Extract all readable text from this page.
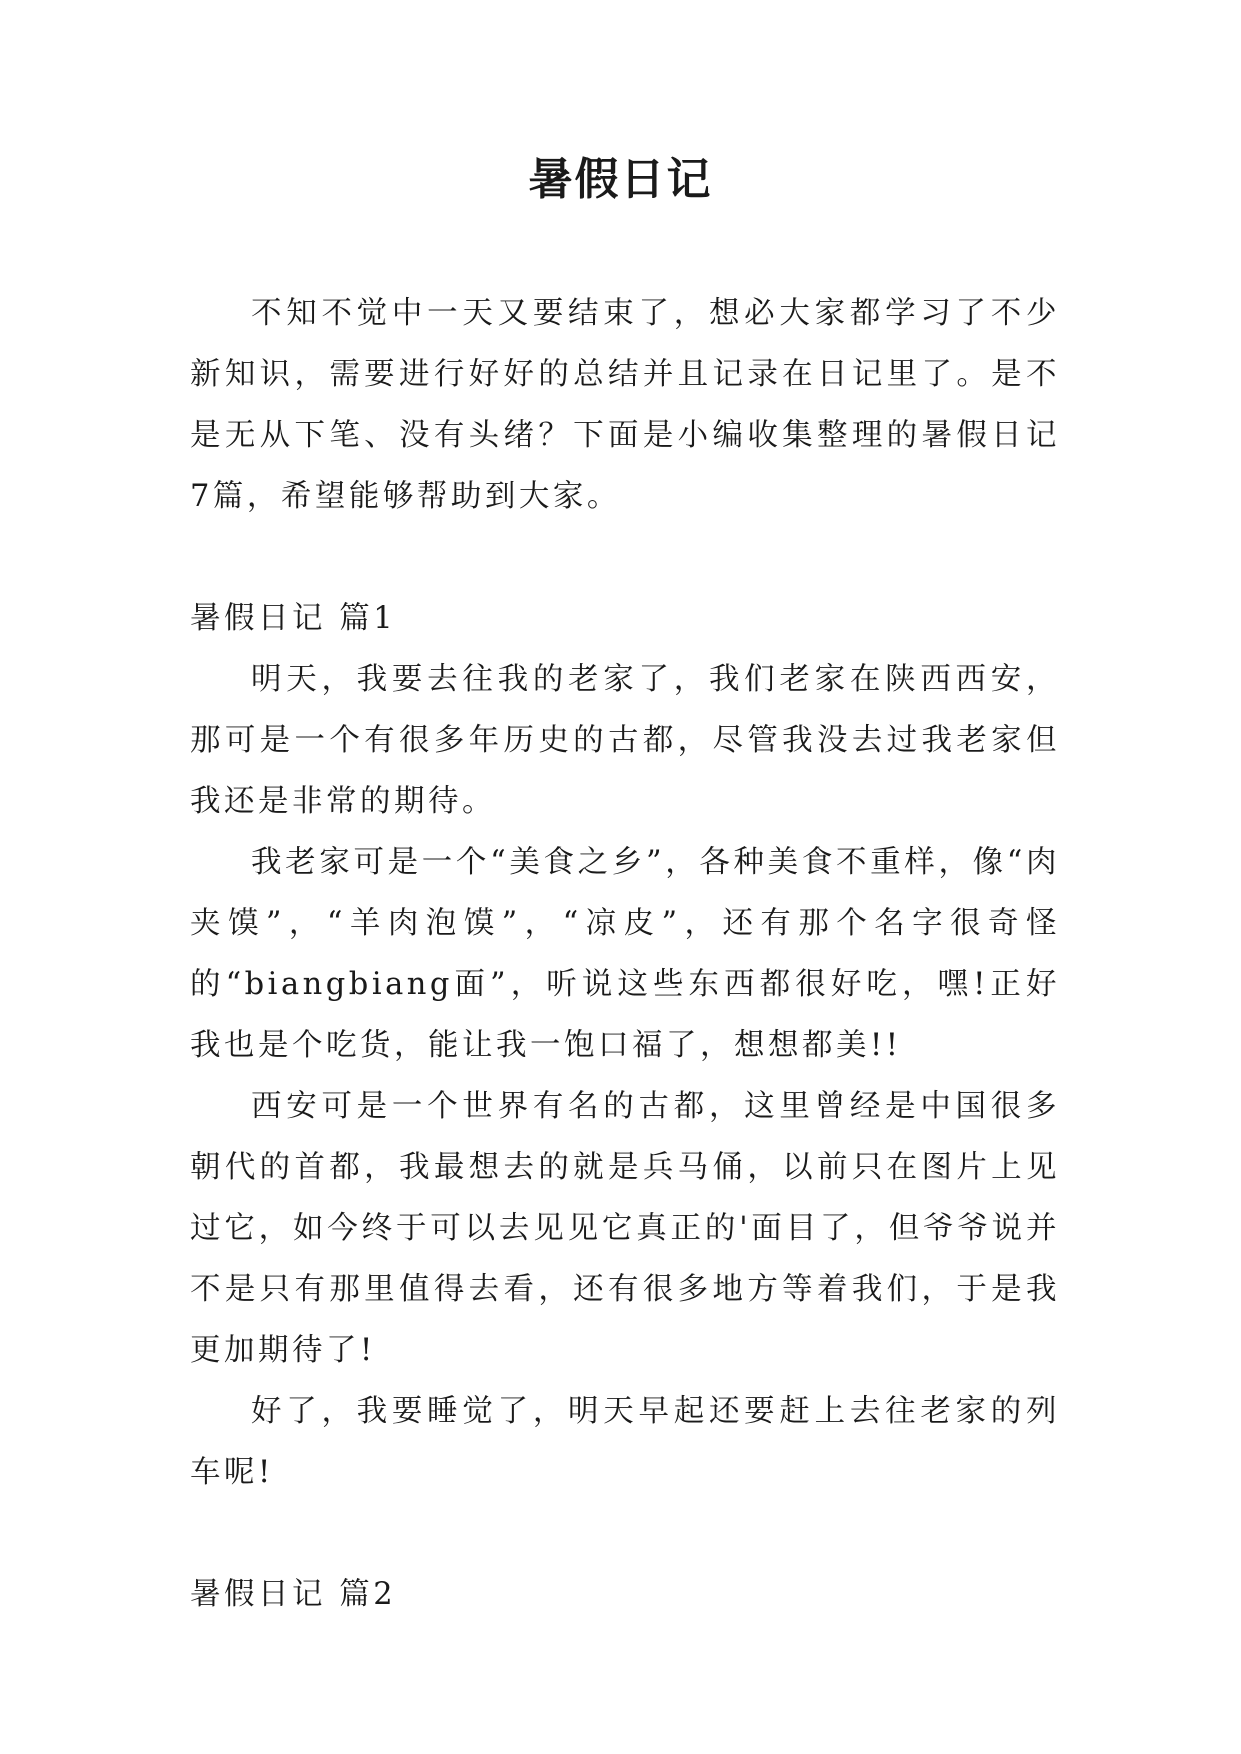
暑假日记

不知不觉中一天又要结束了，想必大家都学习了不少新知识，需要进行好好的总结并且记录在日记里了。是不是无从下笔、没有头绪？下面是小编收集整理的暑假日记7篇，希望能够帮助到大家。

暑假日记 篇1

明天，我要去往我的老家了，我们老家在陕西西安，那可是一个有很多年历史的古都，尽管我没去过我老家但我还是非常的期待。

我老家可是一个“美食之乡”，各种美食不重样，像“肉夹馍”，“羊肉泡馍”，“凉皮”，还有那个名字很奇怪的“biangbiang面”，听说这些东西都很好吃，嘿!正好我也是个吃货，能让我一饱口福了，想想都美!!

西安可是一个世界有名的古都，这里曾经是中国很多朝代的首都，我最想去的就是兵马俑，以前只在图片上见过它，如今终于可以去见见它真正的'面目了，但爷爷说并不是只有那里值得去看，还有很多地方等着我们，于是我更加期待了!

好了，我要睡觉了，明天早起还要赶上去往老家的列车呢!

暑假日记 篇2
